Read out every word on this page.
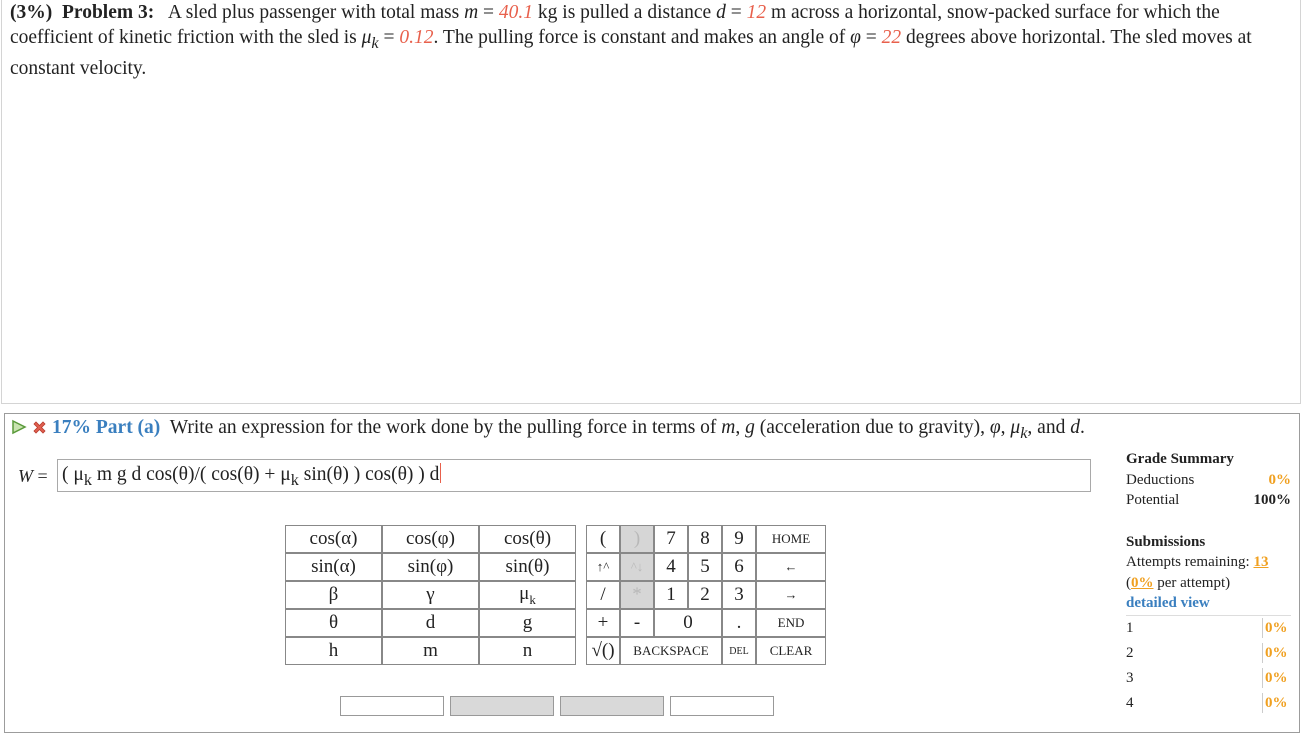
(3%) Problem 3: A sled plus passenger with total mass m = 40.1 kg is pulled a distance d = 12 m across a horizontal, snow-packed surface for which the coefficient of kinetic friction with the sled is $\mu_k = 0.12$. The pulling force is constant and makes an angle of φ = 22 degrees above horizontal. The sled moves at constant velocity.

17% Part (a) Write an expression for the work done by the pulling force in terms of m, g (acceleration due to gravity), φ, $\mu_k$, and d.
W = ( $\mu_k$ m g d cos(θ)/( $\cos(\theta) + \mu_k$ sin(θ) ) cos(θ) ) d
cos(α)	cos(φ)	cos(θ)
sin(α)	sin(φ)	sin(θ)
β	γ	$\mu_k$
θ	d	g
h	m	n
(	)	7	8	9	HOME
↑^	^↓	4	5	6	←
/	*	1	2	3	→
+	-	0		.	END
√()	BACKSPACE			DEL	CLEAR
Grade Summary
Deductions	0%
Potential	100%
Submissions
Attempts remaining: 13
(0% per attempt)
detailed view
1	0%
2	0%
3	0%
4	0%
